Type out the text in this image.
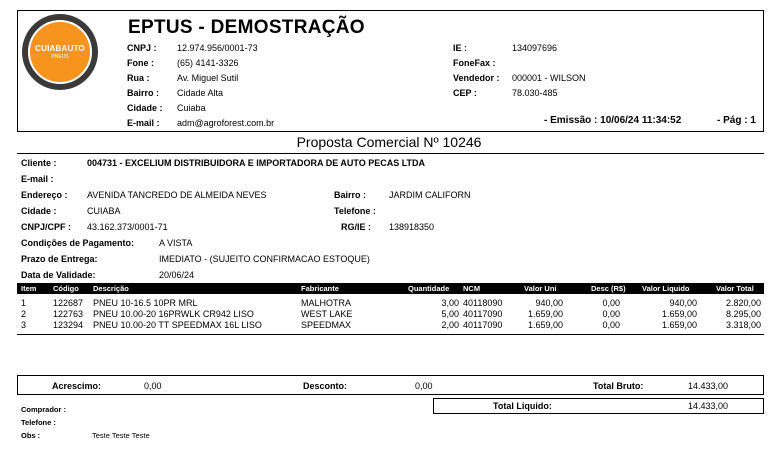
CUIABAUTO
PNEUS
EPTUS - DEMOSTRAÇÃO
CNPJ : 12.974.956/0001-73
Fone :	(65) 4141-3326
Rua :	Av. Miguel Sutil
Bairro : Cidade Alta
Cidade : Cuiaba
E-mail : adm@agroforest.com.br
IE :	134097696
FoneFax :
Vendedor : 000001 - WILSON
CEP :	78.030-485
- Emissão : 10/06/24 11:34:52	- Pág : 1
Proposta Comercial Nº 10246
Cliente :	004731 - EXCELIUM DISTRIBUIDORA E IMPORTADORA DE AUTO PECAS LTDA
E-mail :
Endereço : AVENIDA TANCREDO DE ALMEIDA NEVES	Bairro :	JARDIM CALIFORN
Cidade :	CUIABA	Telefone :
CNPJ/CPF : 43.162.373/0001-71	RG/IE : 138918350
Condições de Pagamento:	A VISTA
Prazo de Entrega:	IMEDIATO - (SUJEITO CONFIRMACAO ESTOQUE)
Data de Validade:	20/06/24
Item Código Descrição	Fabricante	Quantidade NCM	Valor Uni	Desc (R$) Valor Liquido	Valor Total
1	122687 PNEU 10-16.5 10PR MRL	MALHOTRA	3,00 40118090	940,00	0,00	940,00	2.820,00
2	122763 PNEU 10.00-20 16PRWLK CR942 LISO	WEST LAKE	5,00 40117090	1.659,00	0,00	1.659,00	8.295,00
3	123294 PNEU 10.00-20 TT SPEEDMAX 16L LISO	SPEEDMAX	2,00 40117090	1.659,00	0,00	1.659,00	3.318,00
Acrescimo:	0,00	Desconto:	0,00	Total Bruto:	14.433,00
Total Liquido:	14.433,00
Comprador :
Telefone :
Obs :	Teste Teste Teste
